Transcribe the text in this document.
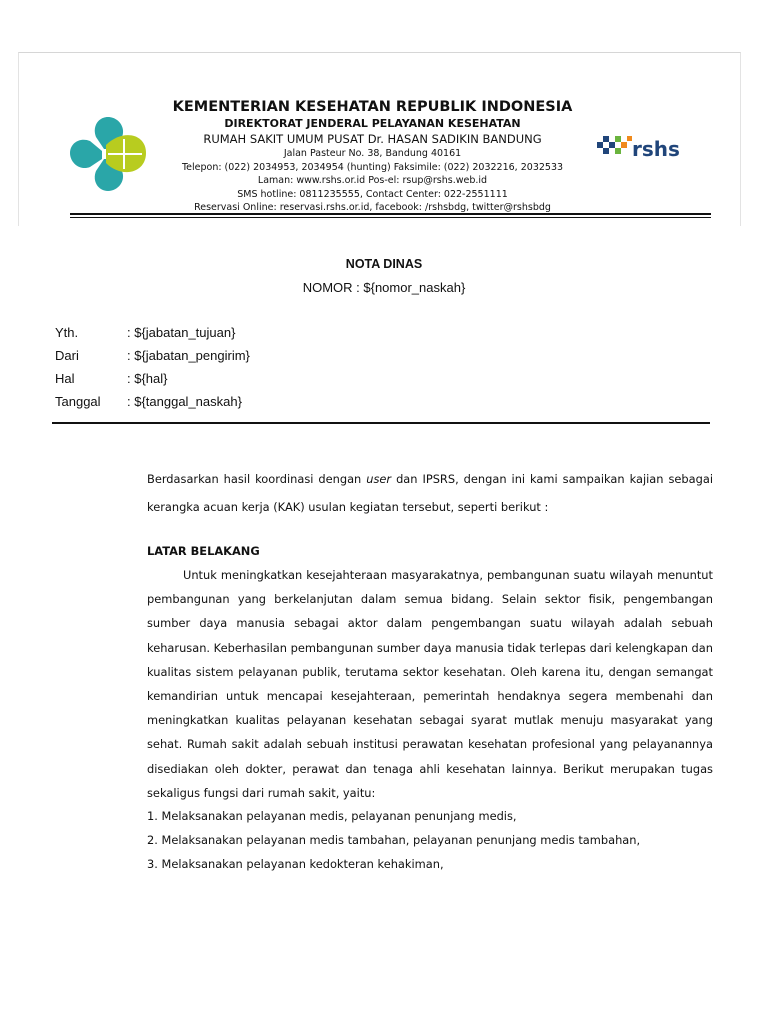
KEMENTERIAN KESEHATAN REPUBLIK INDONESIA
DIREKTORAT JENDERAL PELAYANAN KESEHATAN
RUMAH SAKIT UMUM PUSAT Dr. HASAN SADIKIN BANDUNG
Jalan Pasteur No. 38, Bandung 40161
Telepon: (022) 2034953, 2034954 (hunting) Faksimile: (022) 2032216, 2032533
Laman: www.rshs.or.id Pos-el: rsup@rshs.web.id
SMS hotline: 0811235555, Contact Center: 022-2551111
Reservasi Online: reservasi.rshs.or.id, facebook: /rshsbdg, twitter@rshsbdg
rshs
NOTA DINAS
NOMOR : ${nomor_naskah}
Yth.	: ${jabatan_tujuan}
Dari	: ${jabatan_pengirim}
Hal	: ${hal}
Tanggal : ${tanggal_naskah}

Berdasarkan hasil koordinasi dengan user dan IPSRS, dengan ini kami sampaikan kajian sebagai kerangka acuan kerja (KAK) usulan kegiatan tersebut, seperti berikut :

LATAR BELAKANG

Untuk meningkatkan kesejahteraan masyarakatnya, pembangunan suatu wilayah menuntut pembangunan yang berkelanjutan dalam semua bidang. Selain sektor fisik, pengembangan sumber daya manusia sebagai aktor dalam pengembangan suatu wilayah adalah sebuah keharusan. Keberhasilan pembangunan sumber daya manusia tidak terlepas dari kelengkapan dan kualitas sistem pelayanan publik, terutama sektor kesehatan. Oleh karena itu, dengan semangat kemandirian untuk mencapai kesejahteraan, pemerintah hendaknya segera membenahi dan meningkatkan kualitas pelayanan kesehatan sebagai syarat mutlak menuju masyarakat yang sehat. Rumah sakit adalah sebuah institusi perawatan kesehatan profesional yang pelayanannya disediakan oleh dokter, perawat dan tenaga ahli kesehatan lainnya. Berikut merupakan tugas sekaligus fungsi dari rumah sakit, yaitu:

1. Melaksanakan pelayanan medis, pelayanan penunjang medis,
2. Melaksanakan pelayanan medis tambahan, pelayanan penunjang medis tambahan,
3. Melaksanakan pelayanan kedokteran kehakiman,
